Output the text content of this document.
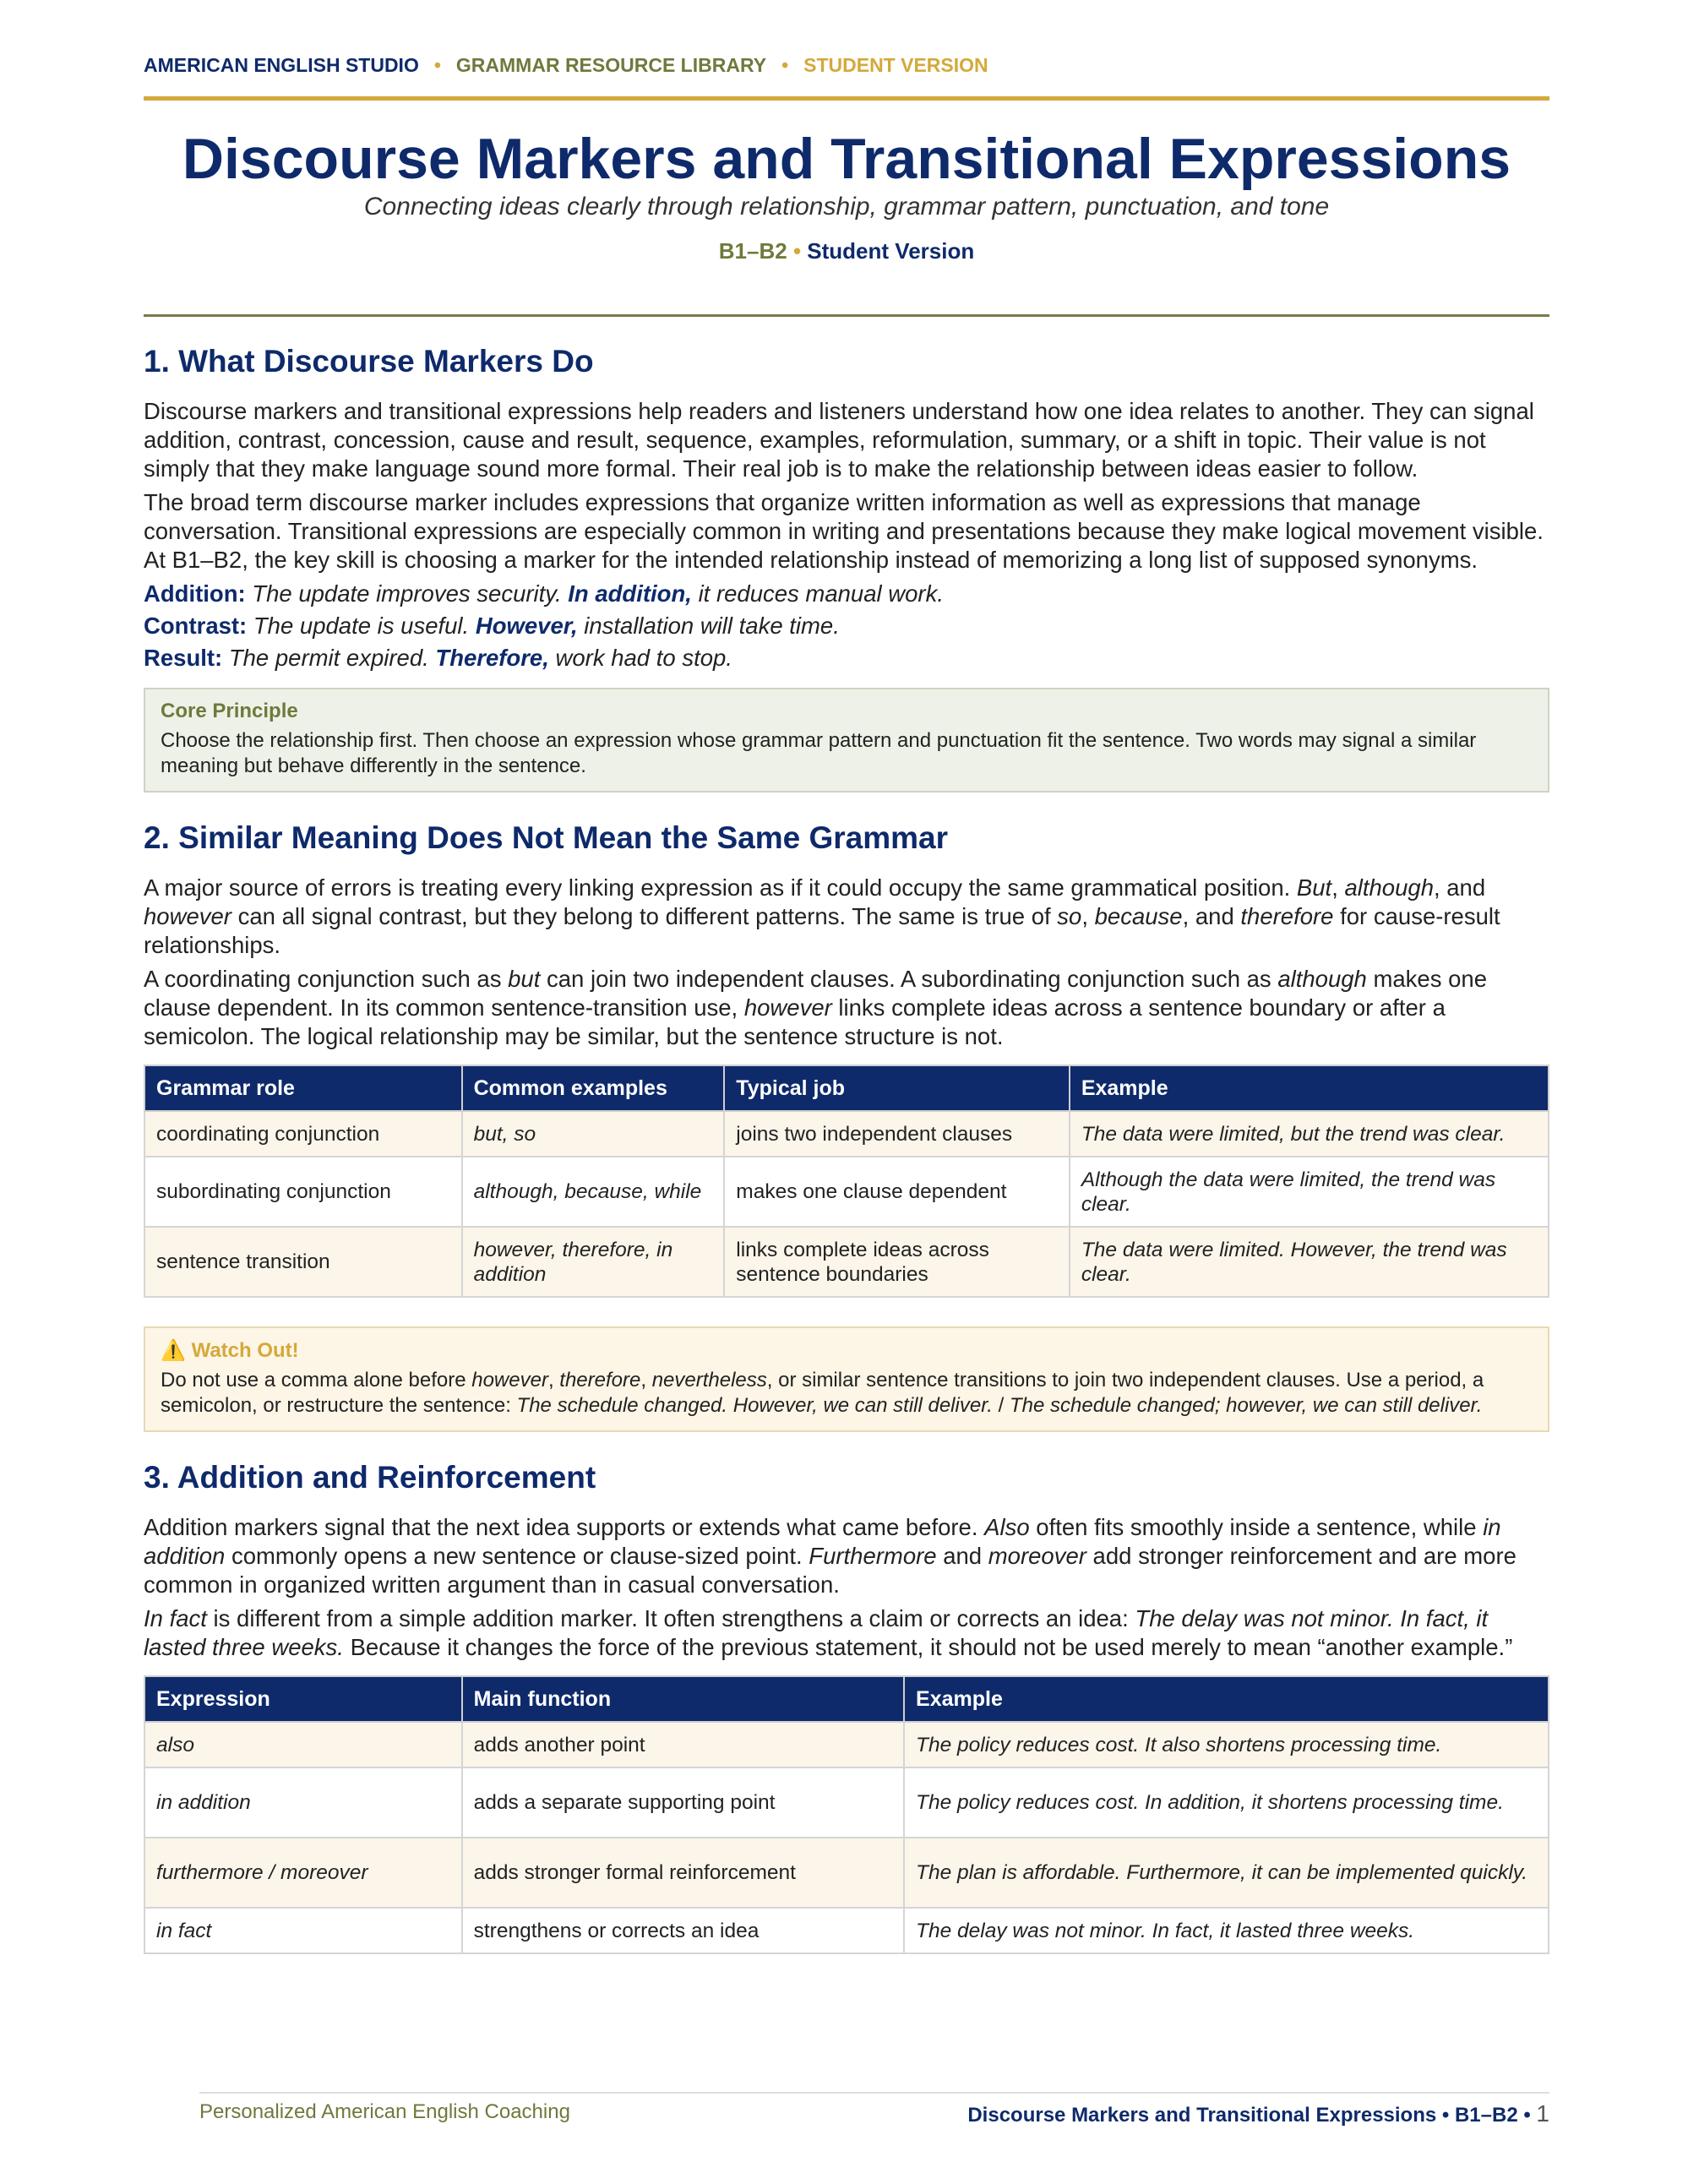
AMERICAN ENGLISH STUDIO • GRAMMAR RESOURCE LIBRARY • STUDENT VERSION
Discourse Markers and Transitional Expressions
Connecting ideas clearly through relationship, grammar pattern, punctuation, and tone
B1–B2 • Student Version
1. What Discourse Markers Do

Discourse markers and transitional expressions help readers and listeners understand how one idea relates to another. They can signal addition, contrast, concession, cause and result, sequence, examples, reformulation, summary, or a shift in topic. Their value is not simply that they make language sound more formal. Their real job is to make the relationship between ideas easier to follow.

The broad term discourse marker includes expressions that organize written information as well as expressions that manage conversation. Transitional expressions are especially common in writing and presentations because they make logical movement visible. At B1–B2, the key skill is choosing a marker for the intended relationship instead of memorizing a long list of supposed synonyms.

Addition: The update improves security. In addition, it reduces manual work.
Contrast: The update is useful. However, installation will take time.
Result: The permit expired. Therefore, work had to stop.
Core Principle
Choose the relationship first. Then choose an expression whose grammar pattern and punctuation fit the sentence. Two words may signal a similar meaning but behave differently in the sentence.
2. Similar Meaning Does Not Mean the Same Grammar

A major source of errors is treating every linking expression as if it could occupy the same grammatical position. But, although, and however can all signal contrast, but they belong to different patterns. The same is true of so, because, and therefore for cause-result relationships.

A coordinating conjunction such as but can join two independent clauses. A subordinating conjunction such as although makes one clause dependent. In its common sentence-transition use, however links complete ideas across a sentence boundary or after a semicolon. The logical relationship may be similar, but the sentence structure is not.

Grammar role	Common examples	Typical job	Example
coordinating conjunction	but, so	joins two independent clauses	The data were limited, but the trend was clear.
subordinating conjunction	although, because, while	makes one clause dependent	Although the data were limited, the trend was clear.
sentence transition	however, therefore, in addition	links complete ideas across sentence boundaries	The data were limited. However, the trend was clear.
⚠️ Watch Out!
Do not use a comma alone before however, therefore, nevertheless, or similar sentence transitions to join two independent clauses. Use a period, a semicolon, or restructure the sentence: The schedule changed. However, we can still deliver. / The schedule changed; however, we can still deliver.
3. Addition and Reinforcement

Addition markers signal that the next idea supports or extends what came before. Also often fits smoothly inside a sentence, while in addition commonly opens a new sentence or clause-sized point. Furthermore and moreover add stronger reinforcement and are more common in organized written argument than in casual conversation.

In fact is different from a simple addition marker. It often strengthens a claim or corrects an idea: The delay was not minor. In fact, it lasted three weeks. Because it changes the force of the previous statement, it should not be used merely to mean “another example.”

Expression	Main function	Example
also	adds another point	The policy reduces cost. It also shortens processing time.
in addition	adds a separate supporting point	The policy reduces cost. In addition, it shortens processing time.
furthermore / moreover	adds stronger formal reinforcement	The plan is affordable. Furthermore, it can be implemented quickly.
in fact	strengthens or corrects an idea	The delay was not minor. In fact, it lasted three weeks.
Personalized American English Coaching	Discourse Markers and Transitional Expressions • B1–B2 • 1
